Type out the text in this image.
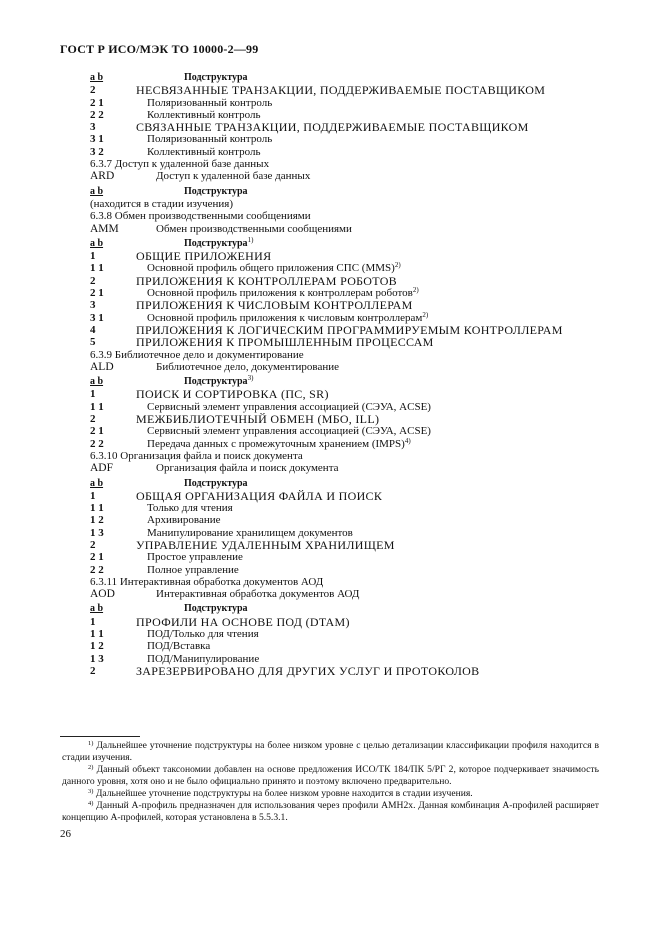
ГОСТ Р ИСО/МЭК ТО 10000-2—99
a b	Подструктура
2	НЕСВЯЗАННЫЕ ТРАНЗАКЦИИ, ПОДДЕРЖИВАЕМЫЕ ПОСТАВЩИКОМ
2 1	Поляризованный контроль
2 2	Коллективный контроль
3	СВЯЗАННЫЕ ТРАНЗАКЦИИ, ПОДДЕРЖИВАЕМЫЕ ПОСТАВЩИКОМ
3 1	Поляризованный контроль
3 2	Коллективный контроль
6.3.7 Доступ к удаленной базе данных
ARD	Доступ к удаленной базе данных
a b	Подструктура
(находится в стадии изучения)
6.3.8 Обмен производственными сообщениями
AMM	Обмен производственными сообщениями
a b	Подструктура$^{1)}$
1	ОБЩИЕ ПРИЛОЖЕНИЯ
1 1	Основной профиль общего приложения СПС (MMS)$^{2)}$
2	ПРИЛОЖЕНИЯ К КОНТРОЛЛЕРАМ РОБОТОВ
2 1	Основной профиль приложения к контроллерам роботов$^{2)}$
3	ПРИЛОЖЕНИЯ К ЧИСЛОВЫМ КОНТРОЛЛЕРАМ
3 1	Основной профиль приложения к числовым контроллерам$^{2)}$
4	ПРИЛОЖЕНИЯ К ЛОГИЧЕСКИМ ПРОГРАММИРУЕМЫМ КОНТРОЛЛЕРАМ
5	ПРИЛОЖЕНИЯ К ПРОМЫШЛЕННЫМ ПРОЦЕССАМ
6.3.9 Библиотечное дело и документирование
ALD	Библиотечное дело, документирование
a b	Подструктура$^{3)}$
1	ПОИСК И СОРТИРОВКА (ПС, SR)
1 1	Сервисный элемент управления ассоциацией (СЭУА, ACSE)
2	МЕЖБИБЛИОТЕЧНЫЙ ОБМЕН (МБО, ILL)
2 1	Сервисный элемент управления ассоциацией (СЭУА, ACSE)
2 2	Передача данных с промежуточным хранением (IMPS)$^{4)}$
6.3.10 Организация файла и поиск документа
ADF	Организация файла и поиск документа
a b	Подструктура
1	ОБЩАЯ ОРГАНИЗАЦИЯ ФАЙЛА И ПОИСК
1 1	Только для чтения
1 2	Архивирование
1 3	Манипулирование хранилищем документов
2	УПРАВЛЕНИЕ УДАЛЕННЫМ ХРАНИЛИЩЕМ
2 1	Простое управление
2 2	Полное управление
6.3.11 Интерактивная обработка документов АОД
AOD	Интерактивная обработка документов АОД
a b	Подструктура
1	ПРОФИЛИ НА ОСНОВЕ ПОД (DTAM)
1 1	ПОД/Только для чтения
1 2	ПОД/Вставка
1 3	ПОД/Манипулирование
2	ЗАРЕЗЕРВИРОВАНО ДЛЯ ДРУГИХ УСЛУГ И ПРОТОКОЛОВ

$^{1)}$ Дальнейшее уточнение подструктуры на более низком уровне с целью детализации классификации профиля находится в стадии изучения.

$^{2)}$ Данный объект таксономии добавлен на основе предложения ИСО/ТК 184/ПК 5/РГ 2, которое подчеркивает значимость данного уровня, хотя оно и не было официально принято и поэтому включено предварительно.

$^{3)}$ Дальнейшее уточнение подструктуры на более низком уровне находится в стадии изучения.

$^{4)}$ Данный А-профиль предназначен для использования через профили АМН2х. Данная комбинация А-профилей расширяет концепцию А-профилей, которая установлена в 5.5.3.1.

26
